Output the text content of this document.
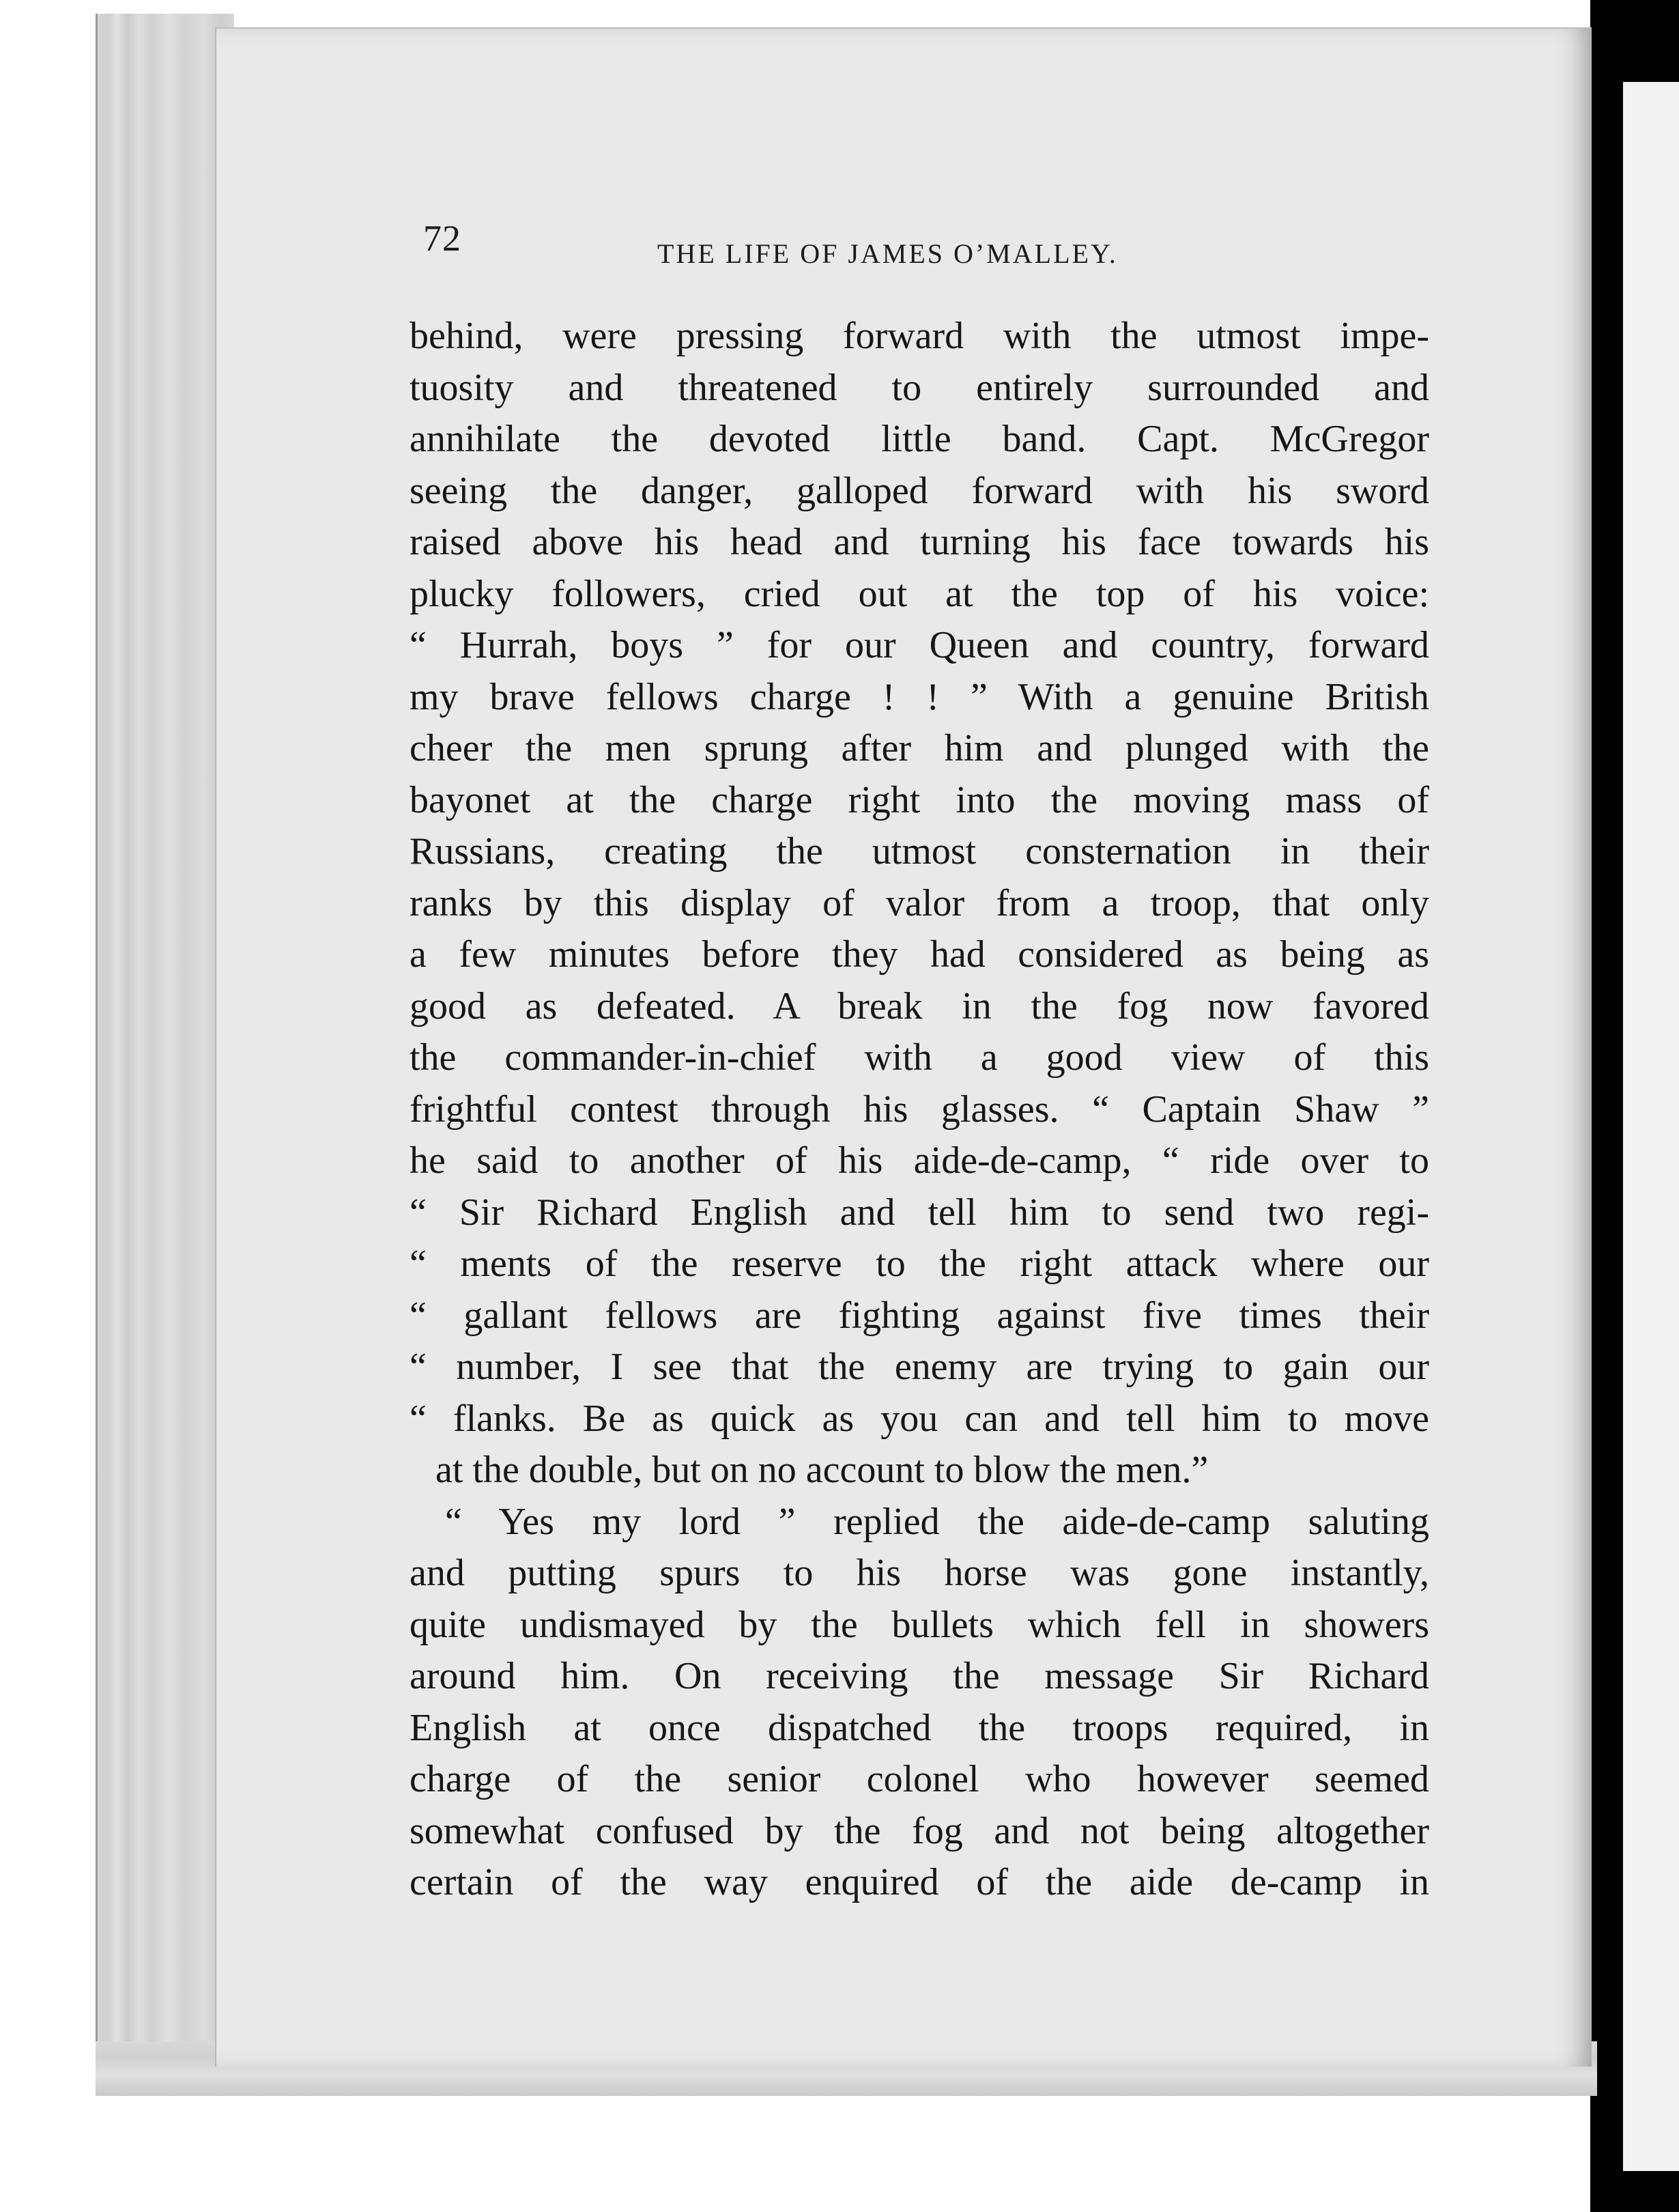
72	THE LIFE OF JAMES O’MALLEY.
behind, were pressing forward with the utmost impe-
tuosity and threatened to entirely surrounded and
annihilate the devoted little band. Capt. McGregor
seeing the danger, galloped forward with his sword
raised above his head and turning his face towards his
plucky followers, cried out at the top of his voice:
“ Hurrah, boys ” for our Queen and country, forward
my brave fellows charge ! ! ” With a genuine British
cheer the men sprung after him and plunged with the
bayonet at the charge right into the moving mass of
Russians, creating the utmost consternation in their
ranks by this display of valor from a troop, that only
a few minutes before they had considered as being as
good as defeated. A break in the fog now favored
the commander-in-chief with a good view of this
frightful contest through his glasses. “ Captain Shaw ”
he said to another of his aide-de-camp, “ ride over to
“ Sir Richard English and tell him to send two regi-
“ ments of the reserve to the right attack where our
“ gallant fellows are fighting against five times their
“ number, I see that the enemy are trying to gain our
“ flanks. Be as quick as you can and tell him to move
at the double, but on no account to blow the men.”
“ Yes my lord ” replied the aide-de-camp saluting
and putting spurs to his horse was gone instantly,
quite undismayed by the bullets which fell in showers
around him. On receiving the message Sir Richard
English at once dispatched the troops required, in
charge of the senior colonel who however seemed
somewhat confused by the fog and not being altogether
certain of the way enquired of the aide de-camp in
